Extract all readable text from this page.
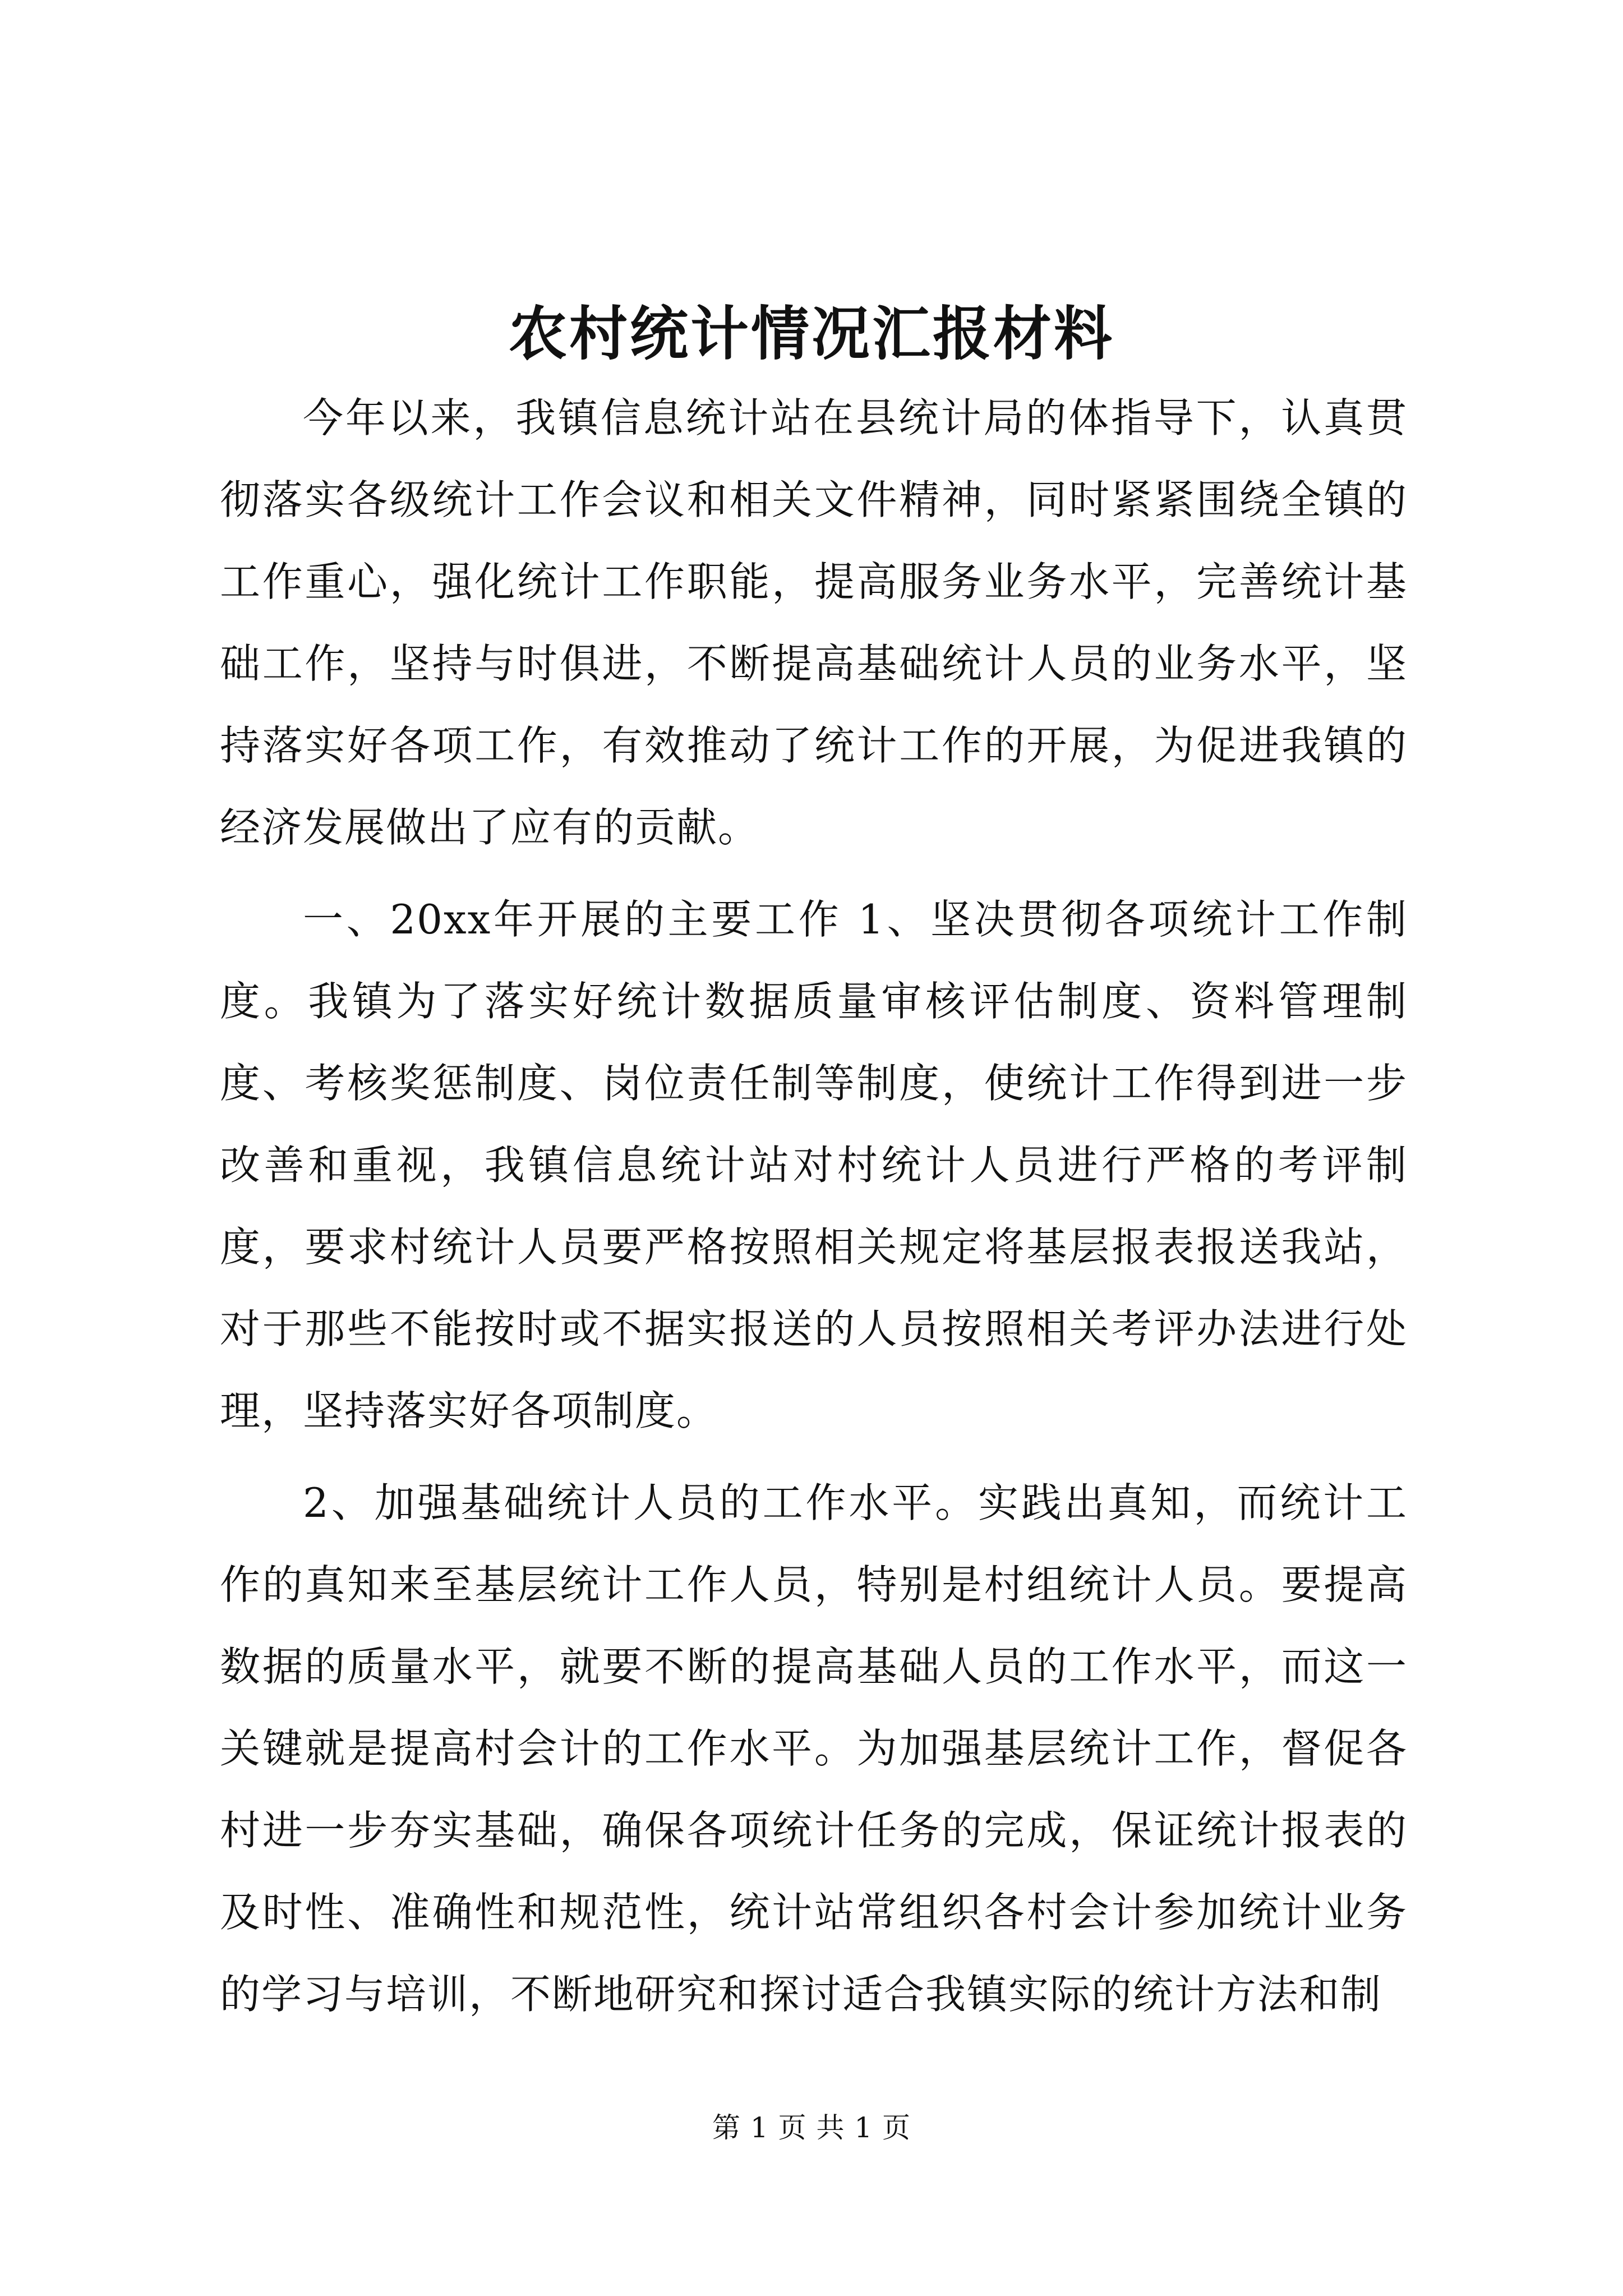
农村统计情况汇报材料

今年以来，我镇信息统计站在县统计局的体指导下，认真贯彻落实各级统计工作会议和相关文件精神，同时紧紧围绕全镇的工作重心，强化统计工作职能，提高服务业务水平，完善统计基础工作，坚持与时俱进，不断提高基础统计人员的业务水平，坚持落实好各项工作，有效推动了统计工作的开展，为促进我镇的经济发展做出了应有的贡献。

一、20xx年开展的主要工作 1、坚决贯彻各项统计工作制度。我镇为了落实好统计数据质量审核评估制度、资料管理制度、考核奖惩制度、岗位责任制等制度，使统计工作得到进一步改善和重视，我镇信息统计站对村统计人员进行严格的考评制度，要求村统计人员要严格按照相关规定将基层报表报送我站，对于那些不能按时或不据实报送的人员按照相关考评办法进行处理，坚持落实好各项制度。

2、加强基础统计人员的工作水平。实践出真知，而统计工作的真知来至基层统计工作人员，特别是村组统计人员。要提高数据的质量水平，就要不断的提高基础人员的工作水平，而这一关键就是提高村会计的工作水平。为加强基层统计工作，督促各村进一步夯实基础，确保各项统计任务的完成，保证统计报表的及时性、准确性和规范性，统计站常组织各村会计参加统计业务的学习与培训，不断地研究和探讨适合我镇实际的统计方法和制

第 1 页 共 1 页
